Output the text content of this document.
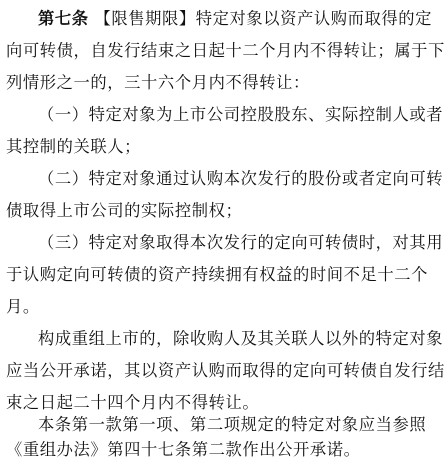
第七条 【限售期限】特定对象以资产认购而取得的定
向可转债，自发行结束之日起十二个月内不得转让；属于下
列情形之一的，三十六个月内不得转让：
（一）特定对象为上市公司控股股东、实际控制人或者
其控制的关联人；
（二）特定对象通过认购本次发行的股份或者定向可转
债取得上市公司的实际控制权；
（三）特定对象取得本次发行的定向可转债时，对其用
于认购定向可转债的资产持续拥有权益的时间不足十二个
月。
构成重组上市的，除收购人及其关联人以外的特定对象
应当公开承诺，其以资产认购而取得的定向可转债自发行结
束之日起二十四个月内不得转让。
本条第一款第一项、第二项规定的特定对象应当参照
《重组办法》第四十七条第二款作出公开承诺。
